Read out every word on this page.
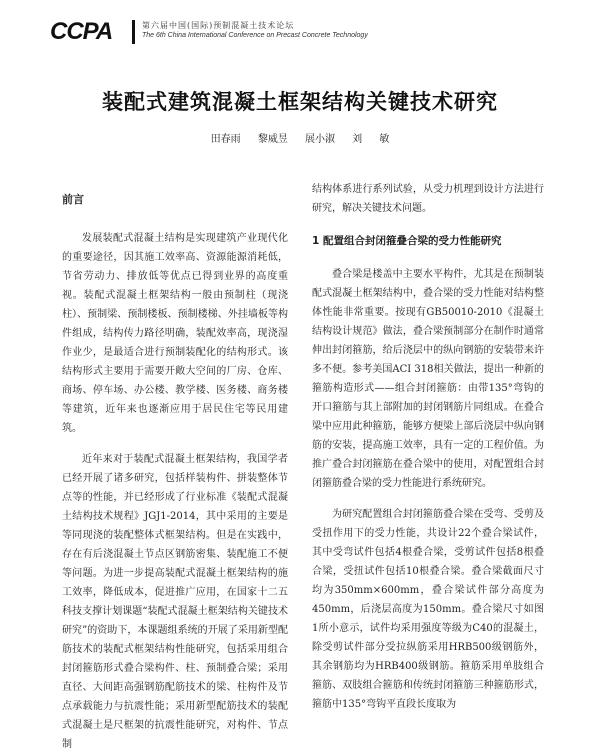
CCPA	第六届中国(国际)预制混凝土技术论坛
The 6th China International Conference on Precast Concrete Technology
装配式建筑混凝土框架结构关键技术研究
田春雨 黎威昱 展小淑 刘 敏
前言

发展装配式混凝土结构是实现建筑产业现代化的重要途径，因其施工效率高、资源能源消耗低，节省劳动力、排放低等优点已得到业界的高度重视。装配式混凝土框架结构一般由预制柱（现浇柱）、预制梁、预制楼板、预制楼梯、外挂墙板等构件组成，结构传力路径明确，装配效率高，现浇湿作业少，是最适合进行预制装配化的结构形式。该结构形式主要用于需要开敞大空间的厂房、仓库、商场、停车场、办公楼、教学楼、医务楼、商务楼等建筑，近年来也逐渐应用于居民住宅等民用建筑。

近年来对于装配式混凝土框架结构，我国学者已经开展了诸多研究，包括样装构件、拼装整体节点等的性能，并已经形成了行业标准《装配式混凝土结构技术规程》JGJ1-2014，其中采用的主要是等同现浇的装配整体式框架结构。但是在实践中，存在有后浇混凝土节点区钢筋密集、装配施工不便等问题。为进一步提高装配式混凝土框架结构的施工效率，降低成本，促进推广应用，在国家十二五科技支撑计划课题“装配式混凝土框架结构关键技术研究”的资助下，本课题组系统的开展了采用新型配筋技术的装配式框架结构性能研究，包括采用组合封闭箍筋形式叠合梁构件、柱、预制叠合梁；采用直径、大间距高强钢筋配筋技术的梁、柱构件及节点承载能力与抗震性能；采用新型配筋技术的装配式混凝土是尺框架的抗震性能研究，对构件、节点制

结构体系进行系列试验，从受力机理到设计方法进行研究，解决关键技术问题。

1 配置组合封闭箍叠合梁的受力性能研究

叠合梁是楼盖中主要水平构件，尤其是在预制装配式混凝土框架结构中，叠合梁的受力性能对结构整体性能非常重要。按现有GB50010-2010《混凝土结构设计规范》做法，叠合梁预制部分在制作时通常伸出封闭箍筋，给后浇层中的纵向钢筋的安装带来许多不便。参考美国ACI 318相关做法，提出一种新的箍筋构造形式——组合封闭箍筋：由带135°弯钩的开口箍筋与其上部附加的封闭钢筋片同组成。在叠合梁中应用此种箍筋，能够方便梁上部后浇层中纵向钢筋的安装，提高施工效率，具有一定的工程价值。为推广叠合封闭箍筋在叠合梁中的使用，对配置组合封闭箍筋叠合梁的受力性能进行系统研究。

为研究配置组合封闭箍筋叠合梁在受弯、受剪及受扭作用下的受力性能，共设计22个叠合梁试件，其中受弯试件包括4根叠合梁，受剪试件包括8根叠合梁，受扭试件包括10根叠合梁。叠合梁截面尺寸均为350mm×600mm，叠合梁试件部分高度为450mm，后浇层高度为150mm。叠合梁尺寸如图1所小意示，试件均采用强度等级为C40的混凝土，除受剪试件部分受拉纵筋采用HRB500级钢筋外，其余钢筋均为HRB400级钢筋。箍筋采用单肢组合箍筋、双肢组合箍筋和传统封闭箍筋三种箍筋形式，箍筋中135°弯钩平直段长度取为
